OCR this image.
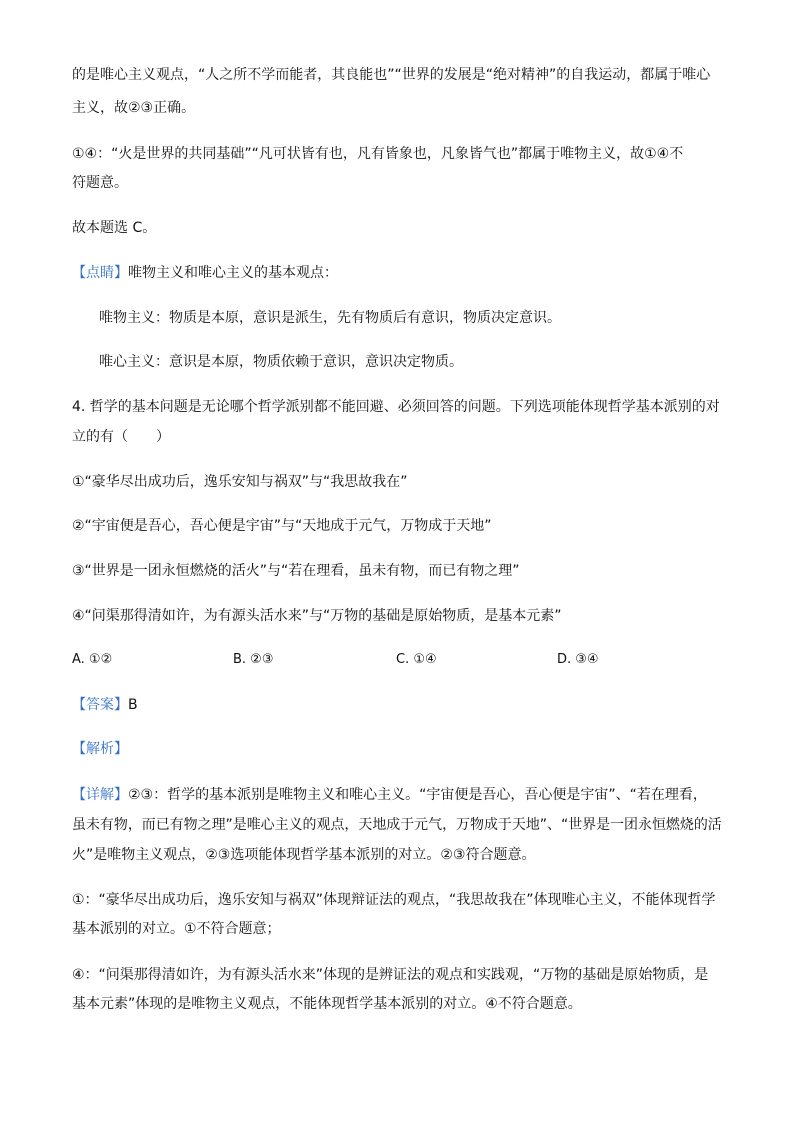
的是唯心主义观点，“人之所不学而能者，其良能也”“世界的发展是“绝对精神”的自我运动，都属于唯心
主义，故②③正确。
①④：“火是世界的共同基础”“凡可状皆有也，凡有皆象也，凡象皆气也”都属于唯物主义，故①④不
符题意。
故本题选 C。
【点睛】唯物主义和唯心主义的基本观点：
唯物主义：物质是本原，意识是派生，先有物质后有意识，物质决定意识。
唯心主义：意识是本原，物质依赖于意识，意识决定物质。
4. 哲学的基本问题是无论哪个哲学派别都不能回避、必须回答的问题。下列选项能体现哲学基本派别的对
立的有（　　）
①“豪华尽出成功后，逸乐安知与祸双”与“我思故我在”
②“宇宙便是吾心，吾心便是宇宙”与“天地成于元气，万物成于天地”
③“世界是一团永恒燃烧的活火”与“若在理看，虽未有物，而已有物之理”
④“问渠那得清如许，为有源头活水来”与“万物的基础是原始物质，是基本元素”
A. ①②	B. ②③	C. ①④	D. ③④
【答案】B
【解析】
【详解】②③：哲学的基本派别是唯物主义和唯心主义。“宇宙便是吾心，吾心便是宇宙”、“若在理看，
虽未有物，而已有物之理”是唯心主义的观点，天地成于元气，万物成于天地”、“世界是一团永恒燃烧的活
火”是唯物主义观点，②③选项能体现哲学基本派别的对立。②③符合题意。
①：“豪华尽出成功后，逸乐安知与祸双”体现辩证法的观点，“我思故我在”体现唯心主义，不能体现哲学
基本派别的对立。①不符合题意；
④：“问渠那得清如许，为有源头活水来”体现的是辨证法的观点和实践观，“万物的基础是原始物质，是
基本元素”体现的是唯物主义观点，不能体现哲学基本派别的对立。④不符合题意。
